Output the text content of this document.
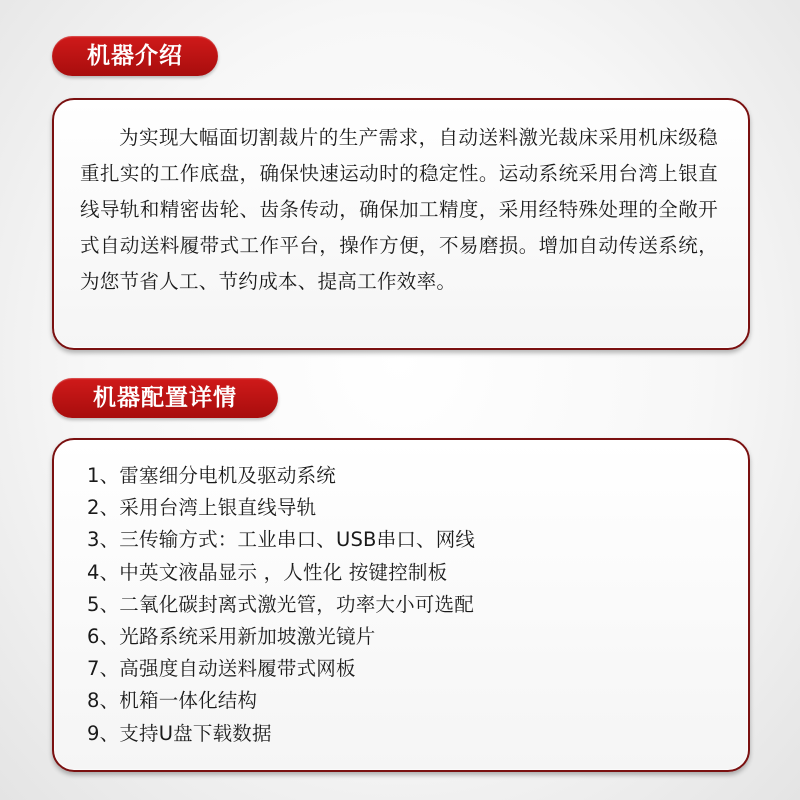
机器介绍
为实现大幅面切割裁片的生产需求，自动送料激光裁床采用机床级稳重扎实的工作底盘，确保快速运动时的稳定性。运动系统采用台湾上银直线导轨和精密齿轮、齿条传动，确保加工精度，采用经特殊处理的全敞开式自动送料履带式工作平台，操作方便，不易磨损。增加自动传送系统，为您节省人工、节约成本、提高工作效率。
机器配置详情
1、雷塞细分电机及驱动系统
2、采用台湾上银直线导轨
3、三传输方式：工业串口、USB串口、网线
4、中英文液晶显示 ，人性化 按键控制板
5、二氧化碳封离式激光管，功率大小可选配
6、光路系统采用新加坡激光镜片
7、高强度自动送料履带式网板
8、机箱一体化结构
9、支持U盘下载数据
